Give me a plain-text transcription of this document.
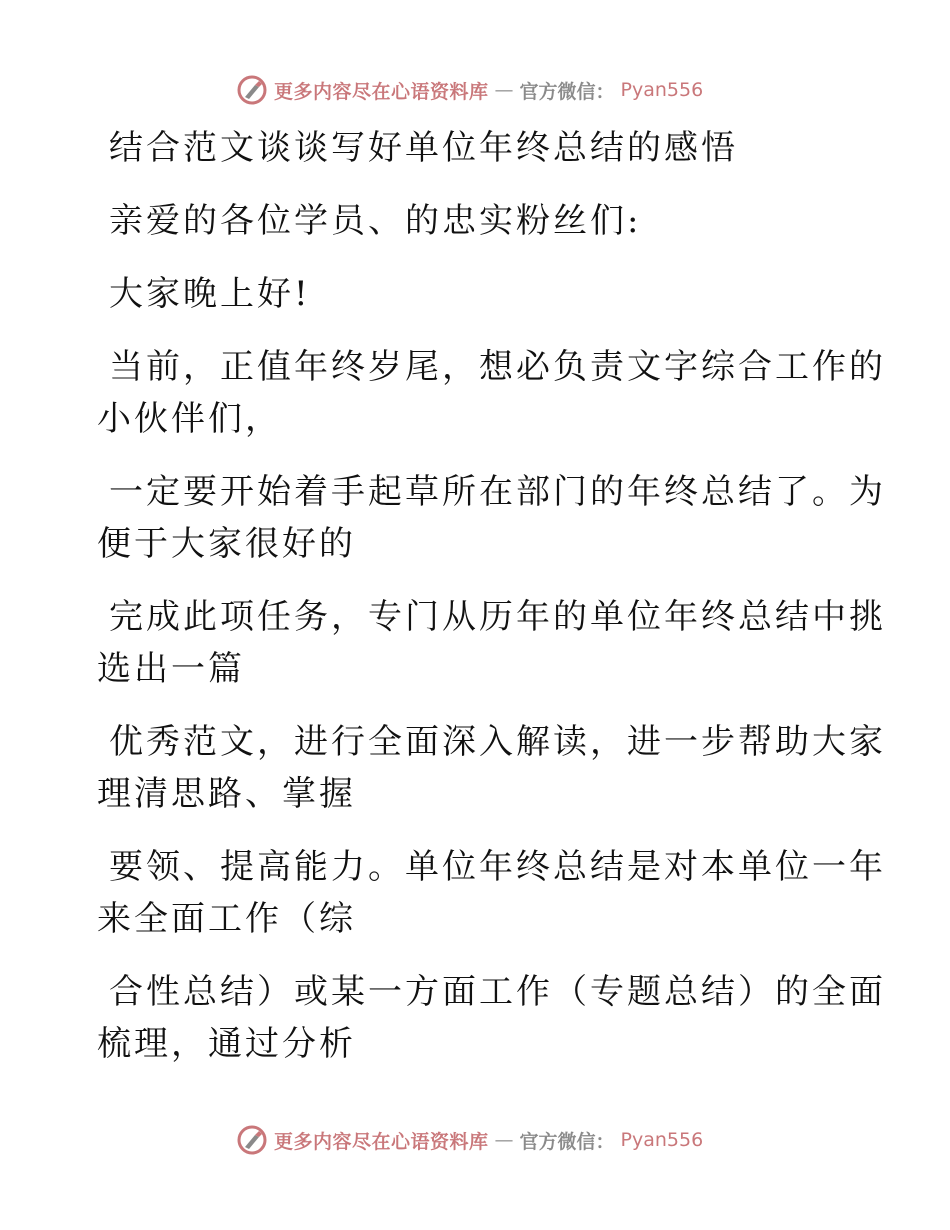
更多内容尽在心语资料库 — 官方微信： Pyan556
结合范文谈谈写好单位年终总结的感悟
亲爱的各位学员、的忠实粉丝们:
大家晚上好!
当前，正值年终岁尾，想必负责文字综合工作的
小伙伴们，
一定要开始着手起草所在部门的年终总结了。为
便于大家很好的
完成此项任务，专门从历年的单位年终总结中挑
选出一篇
优秀范文，进行全面深入解读，进一步帮助大家
理清思路、掌握
要领、提高能力。单位年终总结是对本单位一年
来全面工作（综
合性总结）或某一方面工作（专题总结）的全面
梳理，通过分析
更多内容尽在心语资料库 — 官方微信： Pyan556
